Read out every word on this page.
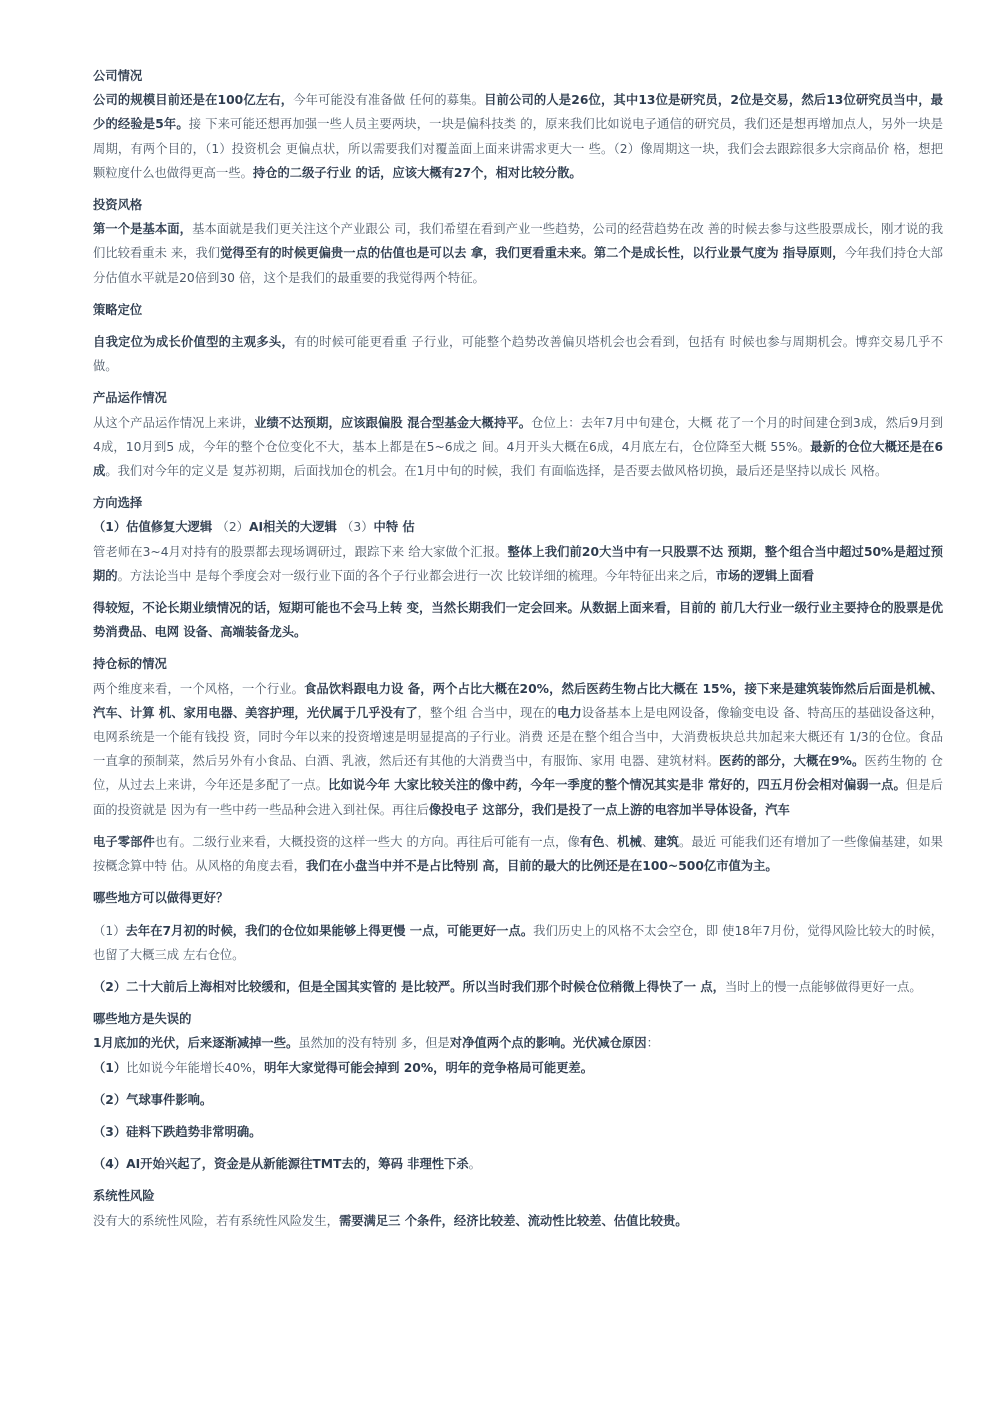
公司情况

公司的规模目前还是在100亿左右，今年可能没有准备做 任何的募集。目前公司的人是26位，其中13位是研究员，2位是交易，然后13位研究员当中，最少的经验是5年。接 下来可能还想再加强一些人员主要两块，一块是偏科技类 的，原来我们比如说电子通信的研究员，我们还是想再增加点人，另外一块是周期，有两个目的，（1）投资机会 更偏点状，所以需要我们对覆盖面上面来讲需求更大一 些。（2）像周期这一块，我们会去跟踪很多大宗商品价 格，想把颗粒度什么也做得更高一些。持仓的二级子行业 的话，应该大概有27个，相对比较分散。

投资风格

第一个是基本面，基本面就是我们更关注这个产业跟公 司，我们希望在看到产业一些趋势，公司的经营趋势在改 善的时候去参与这些股票成长，刚才说的我们比较看重未 来，我们觉得至有的时候更偏贵一点的估值也是可以去 拿，我们更看重未来。第二个是成长性，以行业景气度为 指导原则，今年我们持仓大部分估值水平就是20倍到30 倍，这个是我们的最重要的我觉得两个特征。

策略定位

自我定位为成长价值型的主观多头，有的时候可能更看重 子行业，可能整个趋势改善偏贝塔机会也会看到，包括有 时候也参与周期机会。博弈交易几乎不做。

产品运作情况

从这个产品运作情况上来讲，业绩不达预期，应该跟偏股 混合型基金大概持平。仓位上：去年7月中旬建仓，大概 花了一个月的时间建仓到3成，然后9月到4成，10月到5 成，今年的整个仓位变化不大，基本上都是在5~6成之 间。4月开头大概在6成，4月底左右，仓位降至大概 55%。最新的仓位大概还是在6成。我们对今年的定义是 复苏初期，后面找加仓的机会。在1月中旬的时候，我们 有面临选择，是否要去做风格切换，最后还是坚持以成长 风格。

方向选择

（1）估值修复大逻辑 （2）AI相关的大逻辑 （3）中特 估

管老师在3~4月对持有的股票都去现场调研过，跟踪下来 给大家做个汇报。整体上我们前20大当中有一只股票不达 预期，整个组合当中超过50%是超过预期的。方法论当中 是每个季度会对一级行业下面的各个子行业都会进行一次 比较详细的梳理。今年特征出来之后，市场的逻辑上面看

得较短，不论长期业绩情况的话，短期可能也不会马上转 变，当然长期我们一定会回来。从数据上面来看，目前的 前几大行业一级行业主要持仓的股票是优势消费品、电网 设备、高端装备龙头。

持仓标的情况

两个维度来看，一个风格，一个行业。食品饮料跟电力设 备，两个占比大概在20%，然后医药生物占比大概在 15%，接下来是建筑装饰然后后面是机械、汽车、计算 机、家用电器、美容护理，光伏属于几乎没有了，整个组 合当中，现在的电力设备基本上是电网设备，像输变电设 备、特高压的基础设备这种，电网系统是一个能有钱投 资，同时今年以来的投资增速是明显提高的子行业。消费 还是在整个组合当中，大消费板块总共加起来大概还有 1/3的仓位。食品一直拿的预制菜，然后另外有小食品、白酒、乳液，然后还有其他的大消费当中，有服饰、家用 电器、建筑材料。医药的部分，大概在9%。医药生物的 仓位，从过去上来讲，今年还是多配了一点。比如说今年 大家比较关注的像中药，今年一季度的整个情况其实是非 常好的，四五月份会相对偏弱一点。但是后面的投资就是 因为有一些中药一些品种会进入到社保。再往后像投电子 这部分，我们是投了一点上游的电容加半导体设备，汽车

电子零部件也有。二级行业来看，大概投资的这样一些大 的方向。再往后可能有一点，像有色、机械、建筑。最近 可能我们还有增加了一些像偏基建，如果按概念算中特 估。从风格的角度去看，我们在小盘当中并不是占比特别 高，目前的最大的比例还是在100~500亿市值为主。

哪些地方可以做得更好？

（1）去年在7月初的时候，我们的仓位如果能够上得更慢 一点，可能更好一点。我们历史上的风格不太会空仓，即 使18年7月份，觉得风险比较大的时候，也留了大概三成 左右仓位。

（2）二十大前后上海相对比较缓和，但是全国其实管的 是比较严。所以当时我们那个时候仓位稍微上得快了一 点，当时上的慢一点能够做得更好一点。

哪些地方是失误的

1月底加的光伏，后来逐渐减掉一些。虽然加的没有特别 多，但是对净值两个点的影响。光伏减仓原因：

（1）比如说今年能增长40%，明年大家觉得可能会掉到 20%，明年的竞争格局可能更差。

（2）气球事件影响。

（3）硅料下跌趋势非常明确。

（4）AI开始兴起了，资金是从新能源往TMT去的，筹码 非理性下杀。

系统性风险

没有大的系统性风险，若有系统性风险发生，需要满足三 个条件，经济比较差、流动性比较差、估值比较贵。
